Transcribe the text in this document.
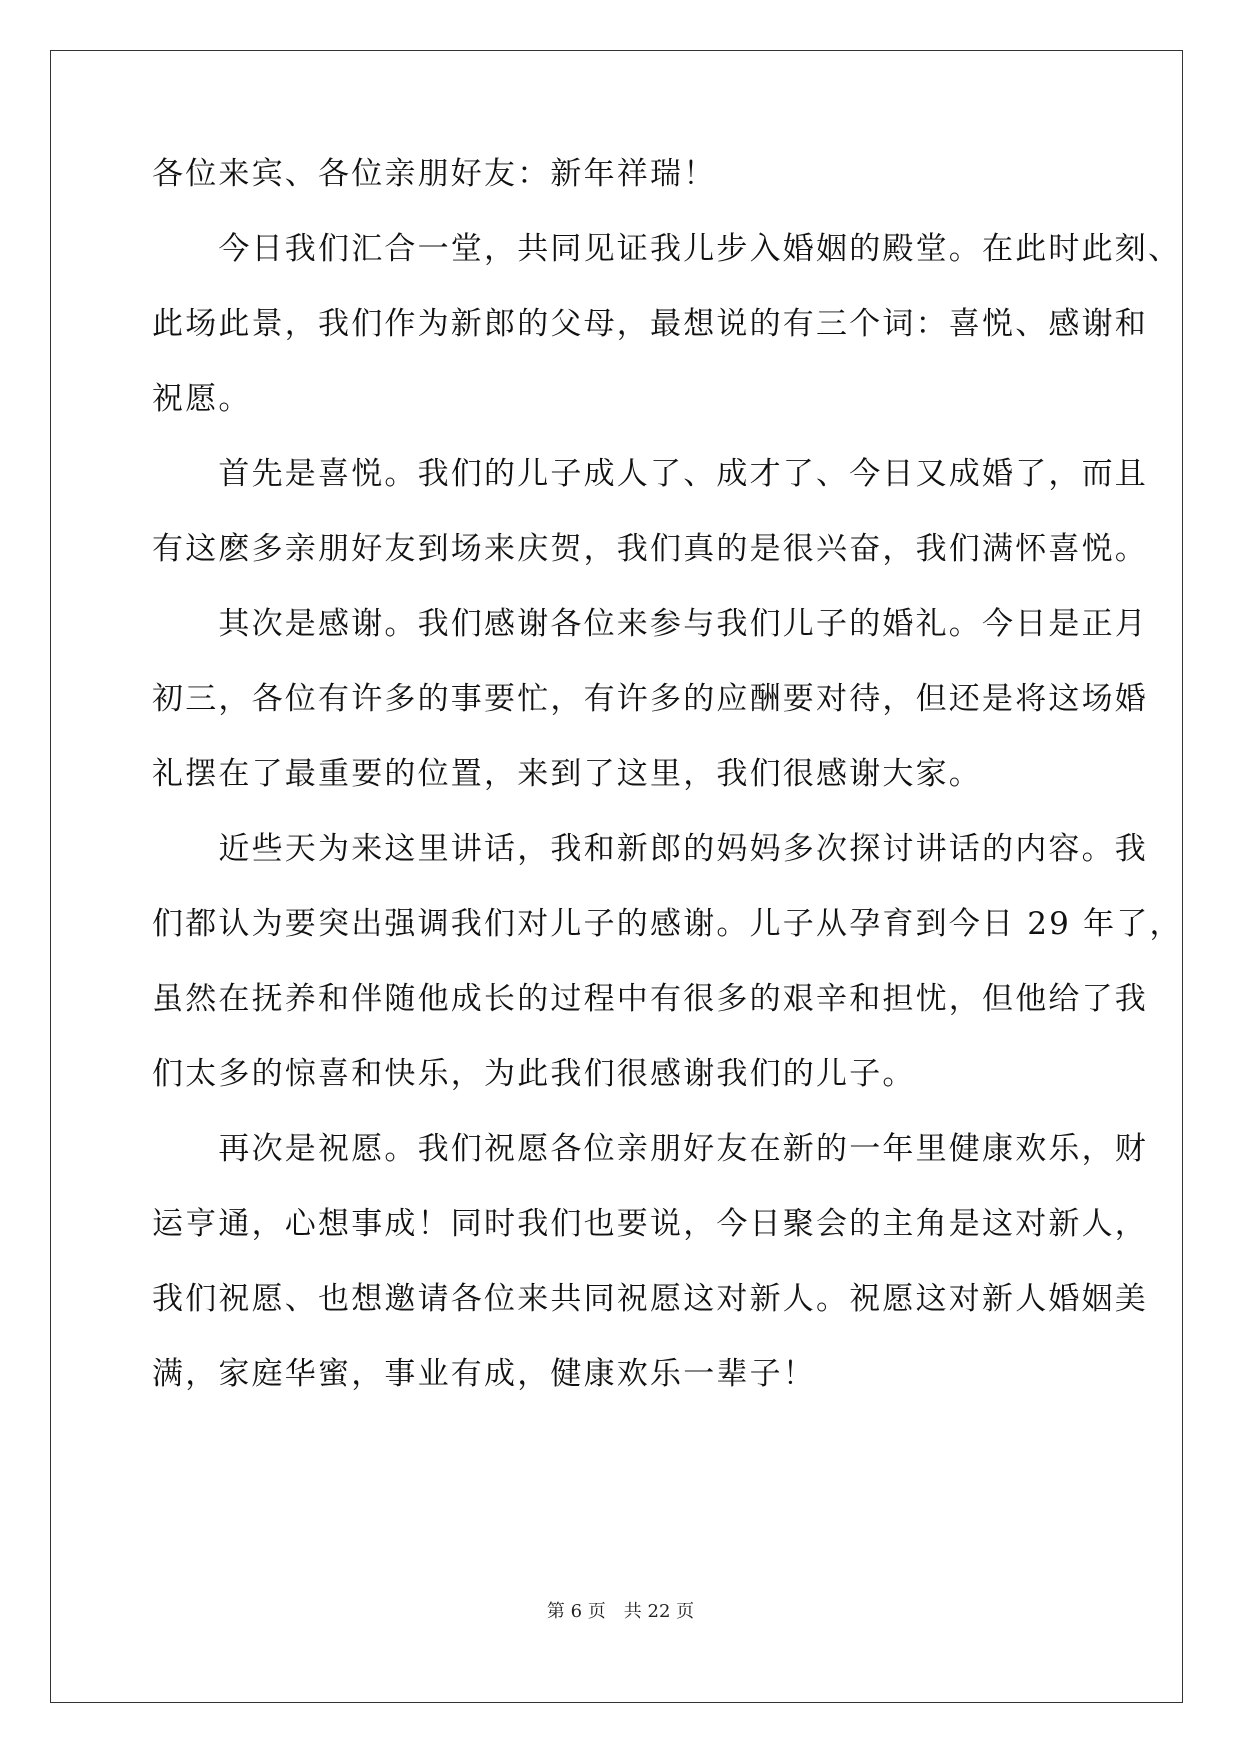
各位来宾、各位亲朋好友：新年祥瑞！
　　今日我们汇合一堂，共同见证我儿步入婚姻的殿堂。在此时此刻、
此场此景，我们作为新郎的父母，最想说的有三个词：喜悦、感谢和
祝愿。
　　首先是喜悦。我们的儿子成人了、成才了、今日又成婚了，而且
有这麽多亲朋好友到场来庆贺，我们真的是很兴奋，我们满怀喜悦。
　　其次是感谢。我们感谢各位来参与我们儿子的婚礼。今日是正月
初三，各位有许多的事要忙，有许多的应酬要对待，但还是将这场婚
礼摆在了最重要的位置，来到了这里，我们很感谢大家。
　　近些天为来这里讲话，我和新郎的妈妈多次探讨讲话的内容。我
们都认为要突出强调我们对儿子的感谢。儿子从孕育到今日 29 年了，
虽然在抚养和伴随他成长的过程中有很多的艰辛和担忧，但他给了我
们太多的惊喜和快乐，为此我们很感谢我们的儿子。
　　再次是祝愿。我们祝愿各位亲朋好友在新的一年里健康欢乐，财
运亨通，心想事成！同时我们也要说，今日聚会的主角是这对新人，
我们祝愿、也想邀请各位来共同祝愿这对新人。祝愿这对新人婚姻美
满，家庭华蜜，事业有成，健康欢乐一辈子！
第 6 页 共 22 页
